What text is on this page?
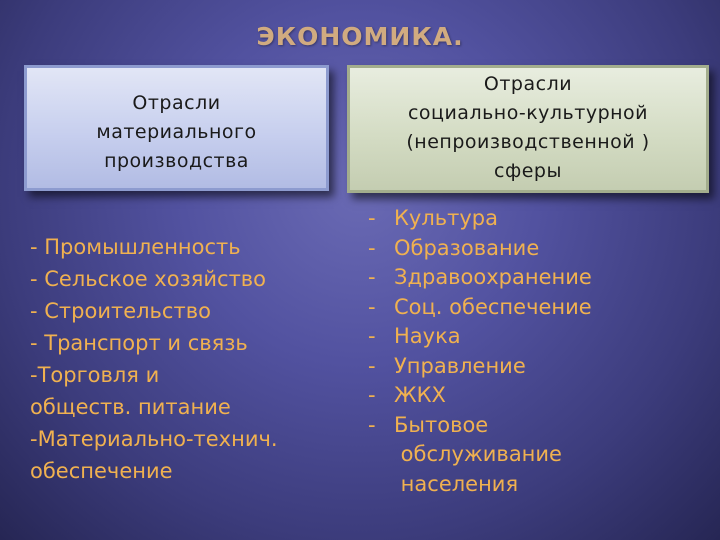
ЭКОНОМИКА.
Отрасли
материального
производства
Отрасли
социально-культурной
(непроизводственной )
сферы
- Промышленность
- Сельское хозяйство
- Строительство
- Транспорт и связь
-Торговля и
обществ. питание
-Материально-технич.
обеспечение
- Культура
- Образование
- Здравоохранение
- Соц. обеспечение
- Наука
- Управление
- ЖКХ
- Бытовое
обслуживание
населения
